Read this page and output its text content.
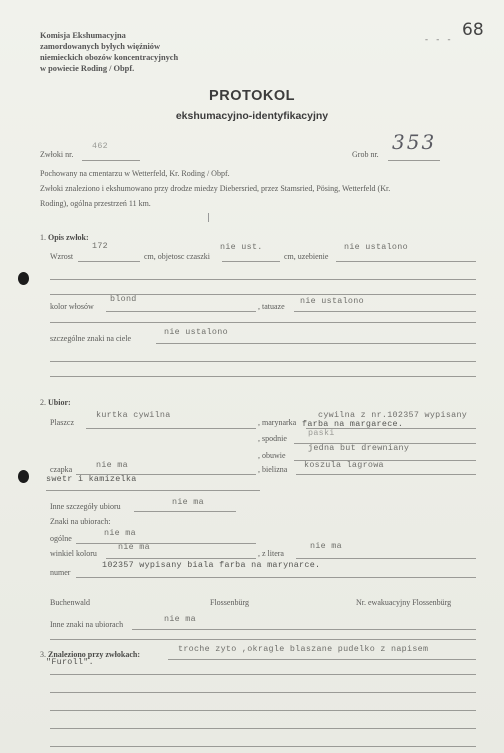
Komisja Ekshumacyjna
zamordowanych byłych więźniów
niemieckich obozów koncentracyjnych
w powiecie Roding / Obpf.
- - - 68
PROTOKOL
ekshumacyjno-identyfikacyjny
Zwłoki nr.
462
Grob nr.
353
Pochowany na cmentarzu w Wetterfeld, Kr. Roding / Obpf.
Zwłoki znaleziono i ekshumowano przy drodze miedzy Diebersried, przez Stamsried, Pösing, Wetterfeld (Kr.
Roding), ogólna przestrzeń 11 km.
1. Opis zwłok:
Wzrost
172
cm, objetosc czaszki
nie ust.
cm, uzebienie
nie ustalono
kolor włosów
blond
, tatuaze
nie ustalono
szczególne znaki na ciele
nie ustalono
2. Ubior:
Plaszcz
kurtka cywilna
, marynarka
cywilna z nr.102357 wypisany
farba na margarece.
, spodnie
paski
, obuwie
jedna but drewniany
czapka	nie ma	, bielizna koszula lagrowa
swetr i kamizelka
Inne szczegóły ubioru	nie ma
Znaki na ubiorach:
ogólne
nie ma
winkiel koloru
nie ma
, z litera
nie ma
numer
102357 wypisany biala farba na marynarce.
Buchenwald	Flossenbürg	Nr. ewakuacyjny Flossenbürg
Inne znaki na ubiorach
nie ma
3. Znaleziono przy zwłokach:
troche zyto ,okragle blaszane pudelko z napisem
"Furoll".
